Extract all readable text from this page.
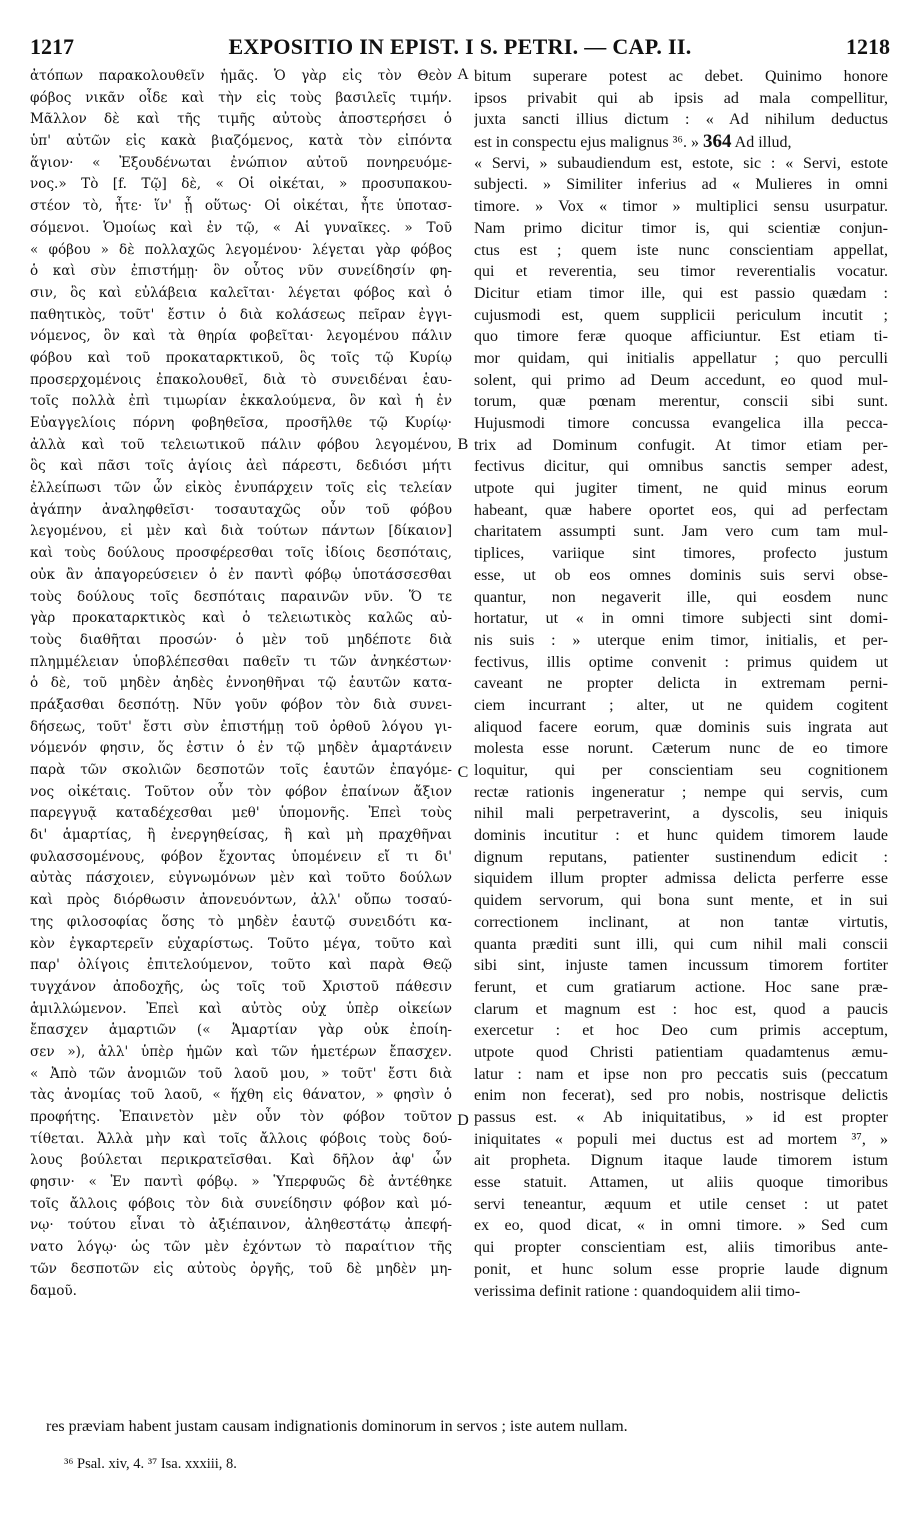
1217	EXPOSITIO IN EPIST. I S. PETRI. — CAP. II.	1218
ἀτόπων παρακολουθεῖν ἡμᾶς. Ὁ γὰρ εἰς τὸν Θεὸν
φόβος νικᾶν οἶδε καὶ τὴν εἰς τοὺς βασιλεῖς τιμήν.
Μᾶλλον δὲ καὶ τῆς τιμῆς αὐτοὺς ἀποστερήσει ὁ
ὑπ' αὐτῶν εἰς κακὰ βιαζόμενος, κατὰ τὸν εἰπόντα
ἅγιον· « Ἐξουδένωται ἐνώπιον αὐτοῦ πονηρευόμε-
νος.» Τὸ [f. Τῷ] δὲ, « Οἱ οἰκέται, » προσυπακου-
στέον τὸ, ἦτε· ἵν' ᾖ οὕτως· Οἱ οἰκέται, ἦτε ὑποτασ-
σόμενοι. Ὁμοίως καὶ ἐν τῷ, « Αἱ γυναῖκες. » Τοῦ
« φόβου » δὲ πολλαχῶς λεγομένου· λέγεται γὰρ φόβος
ὁ καὶ σὺν ἐπιστήμῃ· ὃν οὗτος νῦν συνείδησίν φη-
σιν, ὃς καὶ εὐλάβεια καλεῖται· λέγεται φόβος καὶ ὁ
παθητικὸς, τοῦτ' ἔστιν ὁ διὰ κολάσεως πεῖραν ἐγγι-
νόμενος, ὃν καὶ τὰ θηρία φοβεῖται· λεγομένου πάλιν
φόβου καὶ τοῦ προκαταρκτικοῦ, ὃς τοῖς τῷ Κυρίῳ
προσερχομένοις ἐπακολουθεῖ, διὰ τὸ συνειδέναι ἑαυ-
τοῖς πολλὰ ἐπὶ τιμωρίαν ἐκκαλούμενα, ὃν καὶ ἡ ἐν
Εὐαγγελίοις πόρνη φοβηθεῖσα, προσῆλθε τῷ Κυρίῳ·
ἀλλὰ καὶ τοῦ τελειωτικοῦ πάλιν φόβου λεγομένου,
ὃς καὶ πᾶσι τοῖς ἁγίοις ἀεὶ πάρεστι, δεδιόσι μήτι
ἐλλείπωσι τῶν ὧν εἰκὸς ἐνυπάρχειν τοῖς εἰς τελείαν
ἀγάπην ἀναληφθεῖσι· τοσαυταχῶς οὖν τοῦ φόβου
λεγομένου, εἰ μὲν καὶ διὰ τούτων πάντων [δίκαιον]
καὶ τοὺς δούλους προσφέρεσθαι τοῖς ἰδίοις δεσπόταις,
οὐκ ἂν ἀπαγορεύσειεν ὁ ἐν παντὶ φόβῳ ὑποτάσσεσθαι
τοὺς δούλους τοῖς δεσπόταις παραινῶν νῦν. Ὅ τε
γὰρ προκαταρκτικὸς καὶ ὁ τελειωτικὸς καλῶς αὐ-
τοὺς διαθῆται προσών· ὁ μὲν τοῦ μηδέποτε διὰ
πλημμέλειαν ὑποβλέπεσθαι παθεῖν τι τῶν ἀνηκέστων·
ὁ δὲ, τοῦ μηδὲν ἀηδὲς ἐννοηθῆναι τῷ ἑαυτῶν κατα-
πράξασθαι δεσπότῃ. Νῦν γοῦν φόβον τὸν διὰ συνει-
δήσεως, τοῦτ' ἔστι σὺν ἐπιστήμῃ τοῦ ὀρθοῦ λόγου γι-
νόμενόν φησιν, ὅς ἐστιν ὁ ἐν τῷ μηδὲν ἁμαρτάνειν
παρὰ τῶν σκολιῶν δεσποτῶν τοῖς ἑαυτῶν ἐπαγόμε-
νος οἰκέταις. Τοῦτον οὖν τὸν φόβον ἐπαίνων ἄξιον
παρεγγυᾷ καταδέχεσθαι μεθ' ὑπομονῆς. Ἐπεὶ τοὺς
δι' ἁμαρτίας, ἢ ἐνεργηθείσας, ἢ καὶ μὴ πραχθῆναι
φυλασσομένους, φόβον ἔχοντας ὑπομένειν εἴ τι δι'
αὐτὰς πάσχοιεν, εὐγνωμόνων μὲν καὶ τοῦτο δούλων
καὶ πρὸς διόρθωσιν ἀπονευόντων, ἀλλ' οὔπω τοσαύ-
της φιλοσοφίας ὅσης τὸ μηδὲν ἑαυτῷ συνειδότι κα-
κὸν ἐγκαρτερεῖν εὐχαρίστως. Τοῦτο μέγα, τοῦτο καὶ
παρ' ὀλίγοις ἐπιτελούμενον, τοῦτο καὶ παρὰ Θεῷ
τυγχάνον ἀποδοχῆς, ὡς τοῖς τοῦ Χριστοῦ πάθεσιν
ἁμιλλώμενον. Ἐπεὶ καὶ αὐτὸς οὐχ ὑπὲρ οἰκείων
ἔπασχεν ἁμαρτιῶν (« Ἁμαρτίαν γὰρ οὐκ ἐποίη-
σεν »), ἀλλ' ὑπὲρ ἡμῶν καὶ τῶν ἡμετέρων ἔπασχεν.
« Ἀπὸ τῶν ἀνομιῶν τοῦ λαοῦ μου, » τοῦτ' ἔστι διὰ
τὰς ἀνομίας τοῦ λαοῦ, « ἥχθη εἰς θάνατον, » φησὶν ὁ
προφήτης. Ἐπαινετὸν μὲν οὖν τὸν φόβον τοῦτον
τίθεται. Ἀλλὰ μὴν καὶ τοῖς ἄλλοις φόβοις τοὺς δού-
λους βούλεται περικρατεῖσθαι. Καὶ δῆλον ἀφ' ὧν
φησιν· « Ἐν παντὶ φόβῳ. » Ὑπερφυῶς δὲ ἀντέθηκε
τοῖς ἄλλοις φόβοις τὸν διὰ συνείδησιν φόβον καὶ μό-
νῳ· τούτου εἶναι τὸ ἀξιέπαινον, ἀληθεστάτῳ ἀπεφή-
νατο λόγῳ· ὡς τῶν μὲν ἐχόντων τὸ παραίτιον τῆς
τῶν δεσποτῶν εἰς αὐτοὺς ὀργῆς, τοῦ δὲ μηδὲν μη-
δαμοῦ.
bitum superare potest ac debet. Quinimo honore
ipsos privabit qui ab ipsis ad mala compellitur,
juxta sancti illius dictum : « Ad nihilum deductus
est in conspectu ejus malignus ³⁶. » 364 Ad illud,
« Servi, » subaudiendum est, estote, sic : « Servi, estote
subjecti. » Similiter inferius ad « Mulieres in omni
timore. » Vox « timor » multiplici sensu usurpatur.
Nam primo dicitur timor is, qui scientiæ conjun-
ctus est ; quem iste nunc conscientiam appellat,
qui et reverentia, seu timor reverentialis vocatur.
Dicitur etiam timor ille, qui est passio quædam :
cujusmodi est, quem supplicii periculum incutit ;
quo timore feræ quoque afficiuntur. Est etiam ti-
mor quidam, qui initialis appellatur ; quo perculli
solent, qui primo ad Deum accedunt, eo quod mul-
torum, quæ pœnam merentur, conscii sibi sunt.
Hujusmodi timore concussa evangelica illa pecca-
trix ad Dominum confugit. At timor etiam per-
fectivus dicitur, qui omnibus sanctis semper adest,
utpote qui jugiter timent, ne quid minus eorum
habeant, quæ habere oportet eos, qui ad perfectam
charitatem assumpti sunt. Jam vero cum tam mul-
tiplices, variique sint timores, profecto justum
esse, ut ob eos omnes dominis suis servi obse-
quantur, non negaverit ille, qui eosdem nunc
hortatur, ut « in omni timore subjecti sint domi-
nis suis : » uterque enim timor, initialis, et per-
fectivus, illis optime convenit : primus quidem ut
caveant ne propter delicta in extremam perni-
ciem incurrant ; alter, ut ne quidem cogitent
aliquod facere eorum, quæ dominis suis ingrata aut
molesta esse norunt. Cæterum nunc de eo timore
loquitur, qui per conscientiam seu cognitionem
rectæ rationis ingeneratur ; nempe qui servis, cum
nihil mali perpetraverint, a dyscolis, seu iniquis
dominis incutitur : et hunc quidem timorem laude
dignum reputans, patienter sustinendum edicit :
siquidem illum propter admissa delicta perferre esse
quidem servorum, qui bona sunt mente, et in sui
correctionem inclinant, at non tantæ virtutis,
quanta præditi sunt illi, qui cum nihil mali conscii
sibi sint, injuste tamen incussum timorem fortiter
ferunt, et cum gratiarum actione. Hoc sane præ-
clarum et magnum est : hoc est, quod a paucis
exercetur : et hoc Deo cum primis acceptum,
utpote quod Christi patientiam quadamtenus æmu-
latur : nam et ipse non pro peccatis suis (peccatum
enim non fecerat), sed pro nobis, nostrisque delictis
passus est. « Ab iniquitatibus, » id est propter
iniquitates « populi mei ductus est ad mortem ³⁷, »
ait propheta. Dignum itaque laude timorem istum
esse statuit. Attamen, ut aliis quoque timoribus
servi teneantur, æquum et utile censet : ut patet
ex eo, quod dicat, « in omni timore. » Sed cum
qui propter conscientiam est, aliis timoribus ante-
ponit, et hunc solum esse proprie laude dignum
verissima definit ratione : quandoquidem alii timo-
A
B
C
D
res præviam habent justam causam indignationis dominorum in servos ; iste autem nullam.
³⁶ Psal. xiv, 4. ³⁷ Isa. xxxiii, 8.
